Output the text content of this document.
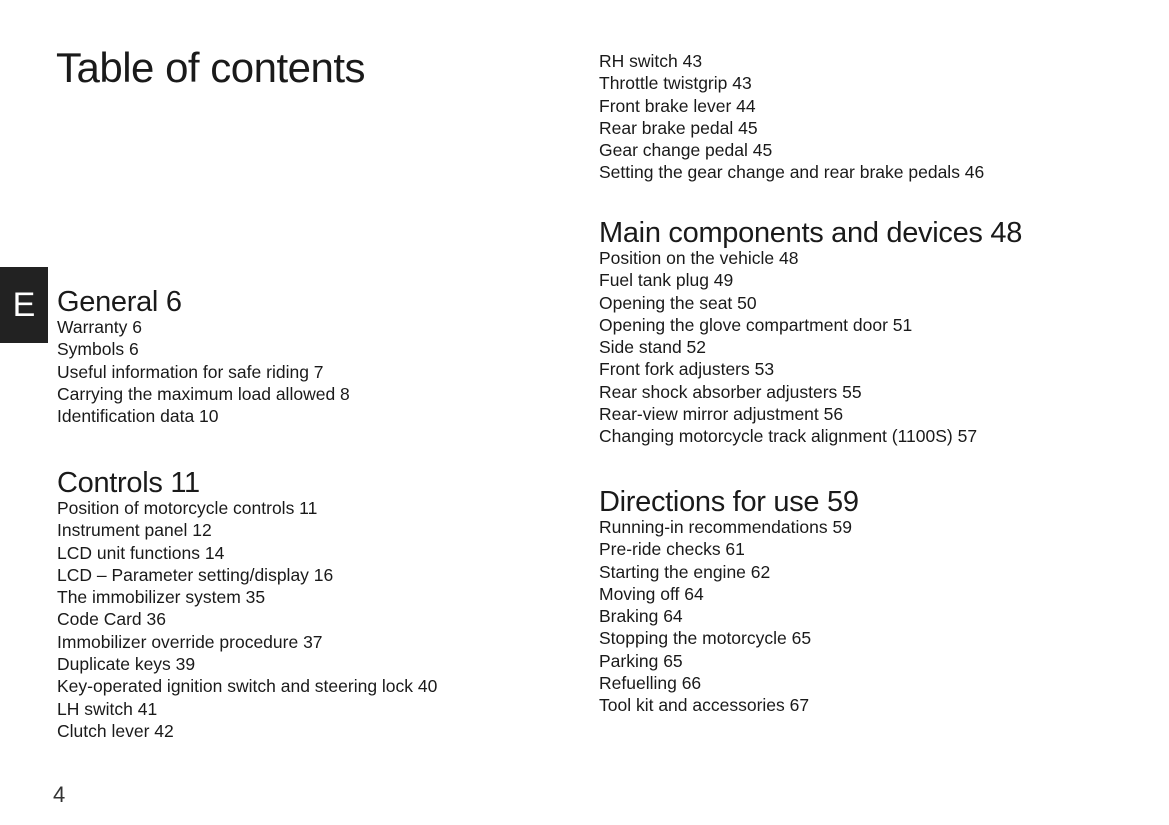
Table of contents
E General 6
Warranty 6
Symbols 6
Useful information for safe riding 7
Carrying the maximum load allowed 8
Identification data 10
Controls 11
Position of motorcycle controls 11
Instrument panel 12
LCD unit functions 14
LCD – Parameter setting/display 16
The immobilizer system 35
Code Card 36
Immobilizer override procedure 37
Duplicate keys 39
Key-operated ignition switch and steering lock 40
LH switch 41
Clutch lever 42
RH switch 43
Throttle twistgrip 43
Front brake lever 44
Rear brake pedal 45
Gear change pedal 45
Setting the gear change and rear brake pedals 46
Main components and devices 48
Position on the vehicle 48
Fuel tank plug 49
Opening the seat 50
Opening the glove compartment door 51
Side stand 52
Front fork adjusters 53
Rear shock absorber adjusters 55
Rear-view mirror adjustment 56
Changing motorcycle track alignment (1100S) 57
Directions for use 59
Running-in recommendations 59
Pre-ride checks 61
Starting the engine 62
Moving off 64
Braking 64
Stopping the motorcycle 65
Parking 65
Refuelling 66
Tool kit and accessories 67
4
